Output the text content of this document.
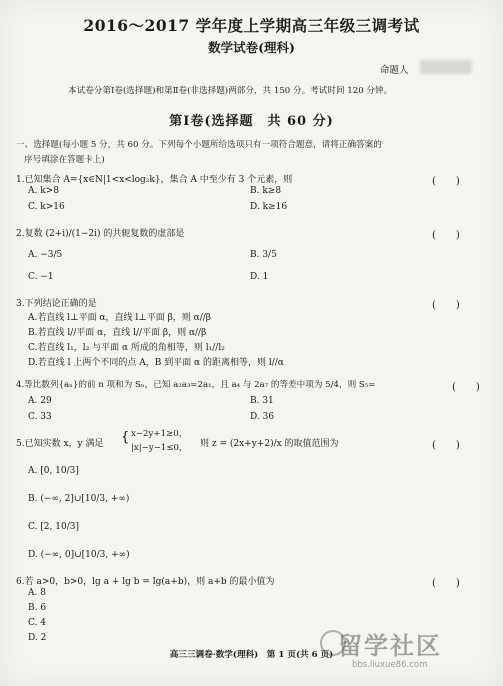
2016～2017 学年度上学期高三年级三调考试
数学试卷(理科)
命题人
本试卷分第Ⅰ卷(选择题)和第Ⅱ卷(非选择题)两部分，共 150 分。考试时间 120 分钟。
第Ⅰ卷(选择题　共 60 分)
一、选择题(每小题 5 分，共 60 分。下列每个小题所给选项只有一项符合题意，请将正确答案的
序号填涂在答题卡上)
1.已知集合 A={x∈N|1<x<log₂k}，集合 A 中至少有 3 个元素，则	(　　)
A. k>8	B. k≥8
C. k>16	D. k≥16
2.复数 (2+i)/(1−2i) 的共轭复数的虚部是	(　　)
A. −3/5	B. 3/5
C. −1	D. 1
3.下列结论正确的是	(　　)
A.若直线 l⊥平面 α，直线 l⊥平面 β，则 α//β
B.若直线 l//平面 α，直线 l//平面 β，则 α//β
C.若直线 l₁，l₂ 与平面 α 所成的角相等，则 l₁//l₂
D.若直线 l 上两个不同的点 A，B 到平面 α 的距离相等，则 l//α
4.等比数列{aₙ}的前 n 项和为 Sₙ，已知 a₂a₃=2a₁，且 a₄ 与 2a₇ 的等差中项为 5/4，则 S₅=	(　　)
A. 29	B. 31
C. 33	D. 36
5.已知实数 x，y 满足 { x−2y+1≥0，
|x|−y−1≤0， 则 z = (2x+y+2)/x 的取值范围为	(　　)
A. [0, 10/3]
B. (−∞, 2]∪[10/3, +∞)
C. [2, 10/3]
D. (−∞, 0]∪[10/3, +∞)
6.若 a>0，b>0，lg a + lg b = lg(a+b)，则 a+b 的最小值为	(　　)
A. 8
B. 6
C. 4
D. 2
高三三调卷·数学(理科)　第 1 页(共 6 页) 留学社区
bbs.liuxue86.com
